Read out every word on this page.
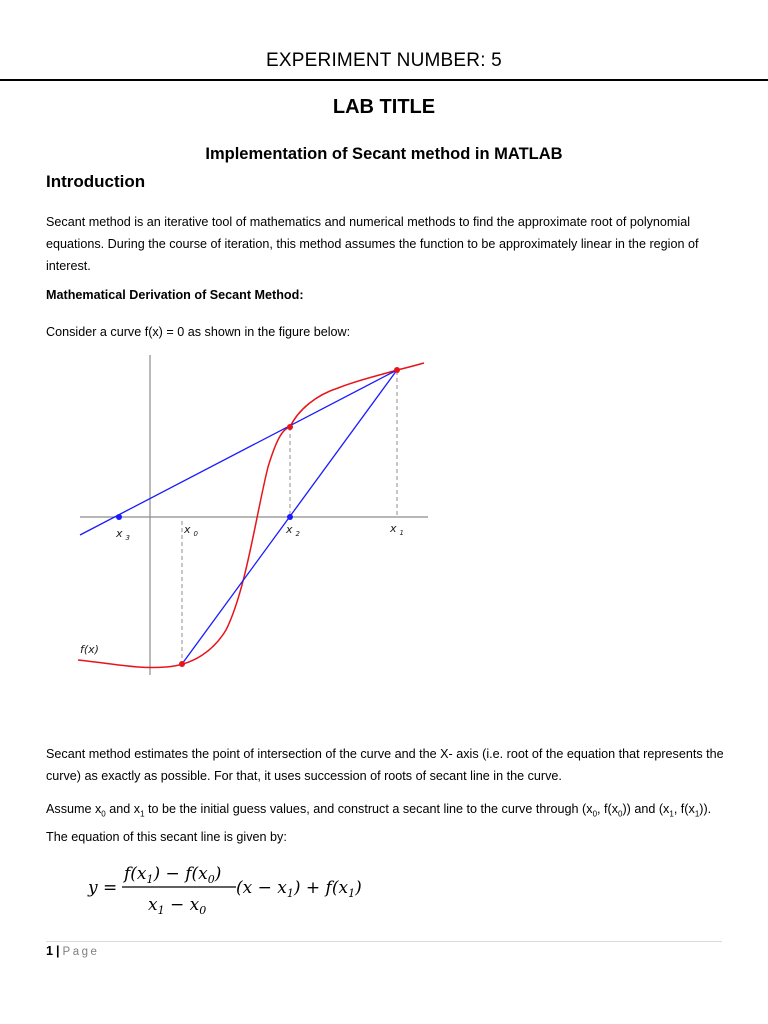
EXPERIMENT NUMBER: 5
LAB TITLE
Implementation of Secant method in MATLAB
Introduction
Secant method is an iterative tool of mathematics and numerical methods to find the approximate root of polynomial equations. During the course of iteration, this method assumes the function to be approximately linear in the region of interest.
Mathematical Derivation of Secant Method:
Consider a curve f(x) = 0 as shown in the figure below:
x $_3$
x $_0$	x $_2$	x $_1$
f(x)
Secant method estimates the point of intersection of the curve and the X- axis (i.e. root of the equation that represents the curve) as exactly as possible. For that, it uses succession of roots of secant line in the curve.
Assume $x_0$ and $x_1$ to be the initial guess values, and construct a secant line to the curve through ($x_0$, $f(x_0)$) and ($x_1$, $f(x_1)$). The equation of this secant line is given by:
y =
$f(x_1) - f(x_0)$
$x_1 - x_0$
$(x - x_1) + f(x_1)$
1 | Page
